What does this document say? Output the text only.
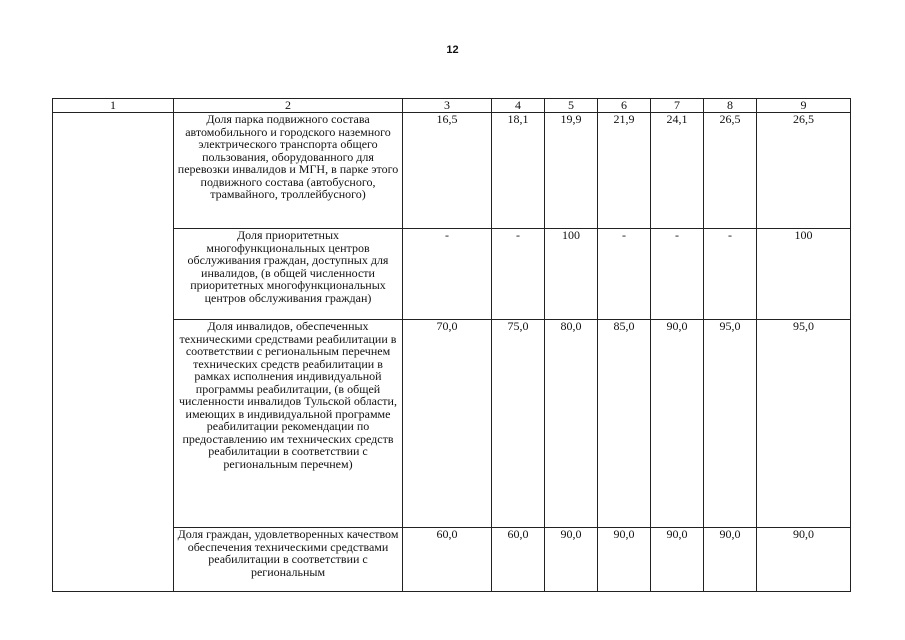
12
1	2	3	4	5	6	7	8	9
	Доля парка подвижного состава автомобильного и городского наземного электрического транспорта общего пользования, оборудованного для перевозки инвалидов и МГН, в парке этого подвижного состава (автобусного, трамвайного, троллейбусного)	16,5	18,1	19,9	21,9	24,1	26,5	26,5
	Доля приоритетных многофункциональных центров обслуживания граждан, доступных для инвалидов, (в общей численности приоритетных многофункциональных центров обслуживания граждан)	-	-	100	-	-	-	100
	Доля инвалидов, обеспеченных техническими средствами реабилитации в соответствии с региональным перечнем технических средств реабилитации в рамках исполнения индивидуальной программы реабилитации, (в общей численности инвалидов Тульской области, имеющих в индивидуальной программе реабилитации рекомендации по предоставлению им технических средств реабилитации в соответствии с региональным перечнем)	70,0	75,0	80,0	85,0	90,0	95,0	95,0
	Доля граждан, удовлетворенных качеством обеспечения техническими средствами реабилитации в соответствии с региональным	60,0	60,0	90,0	90,0	90,0	90,0	90,0
